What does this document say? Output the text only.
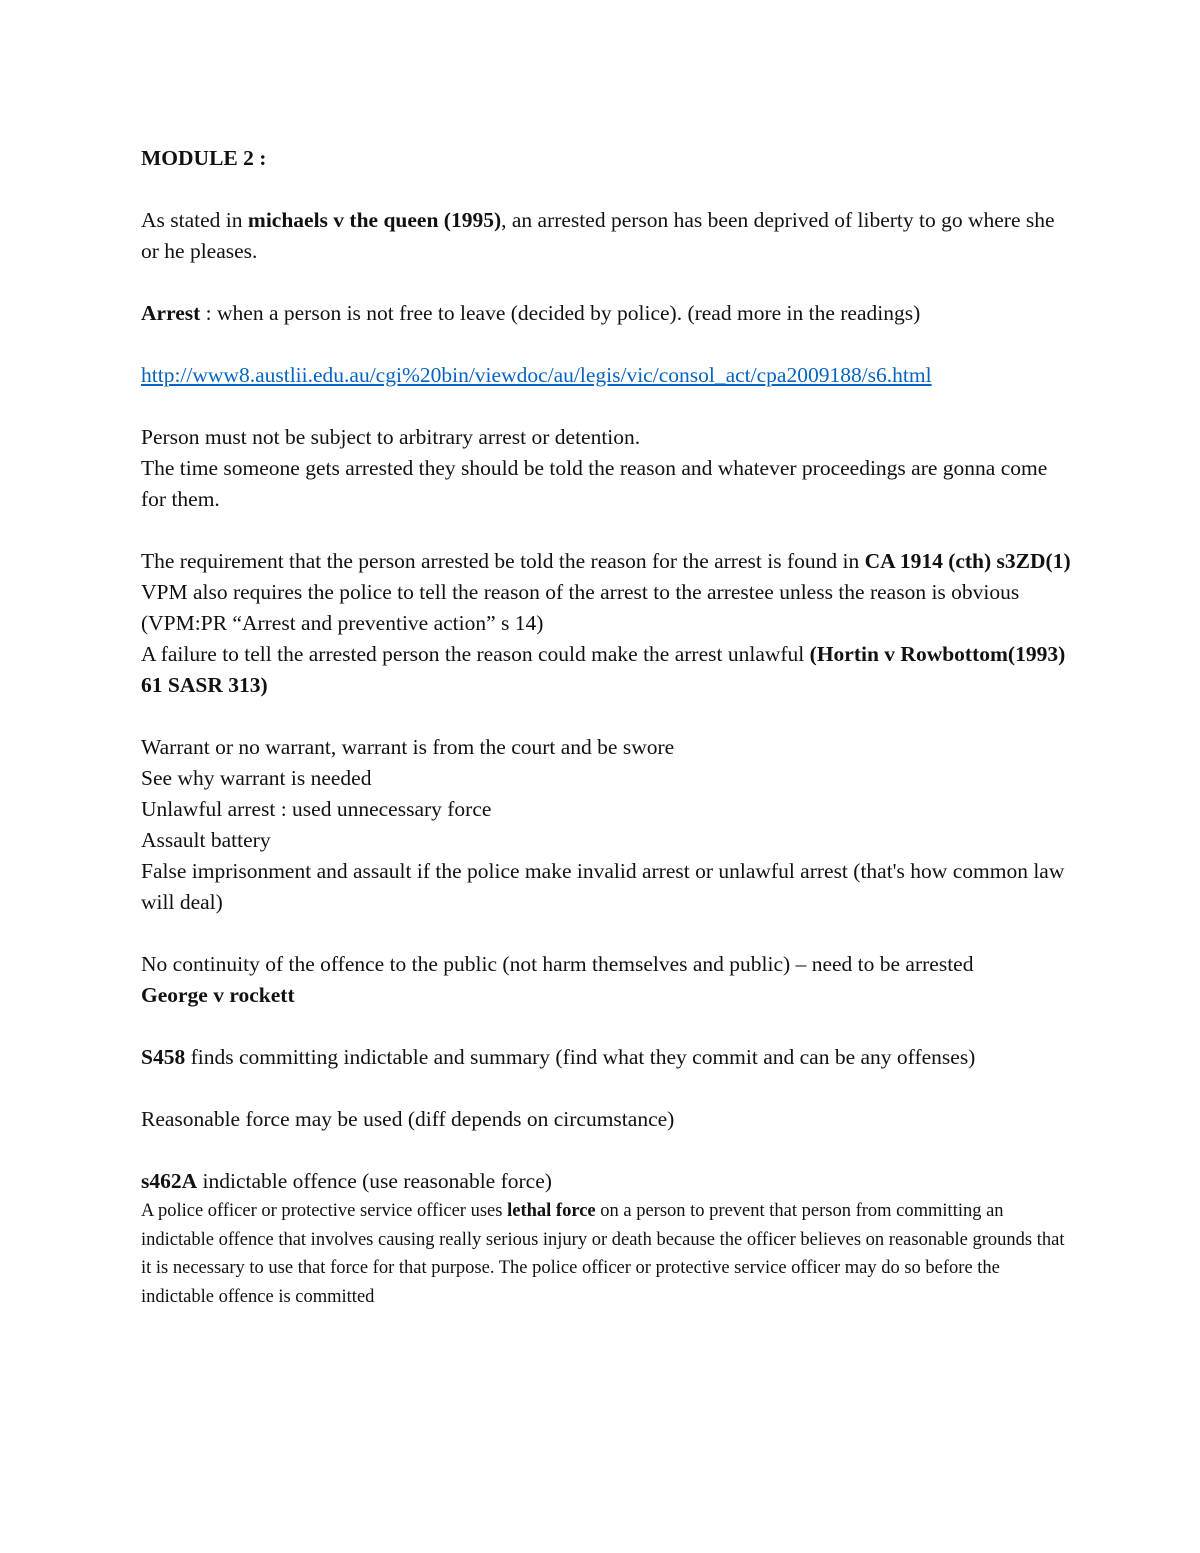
MODULE 2 :

As stated in michaels v the queen (1995), an arrested person has been deprived of liberty to go where she or he pleases.

Arrest : when a person is not free to leave (decided by police). (read more in the readings)

http://www8.austlii.edu.au/cgi%20bin/viewdoc/au/legis/vic/consol_act/cpa2009188/s6.html

Person must not be subject to arbitrary arrest or detention.

The time someone gets arrested they should be told the reason and whatever proceedings are gonna come for them.

The requirement that the person arrested be told the reason for the arrest is found in CA 1914 (cth) s3ZD(1)

VPM also requires the police to tell the reason of the arrest to the arrestee unless the reason is obvious (VPM:PR “Arrest and preventive action” s 14)

A failure to tell the arrested person the reason could make the arrest unlawful (Hortin v Rowbottom(1993) 61 SASR 313)

Warrant or no warrant, warrant is from the court and be swore

See why warrant is needed

Unlawful arrest : used unnecessary force

Assault battery

False imprisonment and assault if the police make invalid arrest or unlawful arrest (that's how common law will deal)

No continuity of the offence to the public (not harm themselves and public) – need to be arrested

George v rockett

S458 finds committing indictable and summary (find what they commit and can be any offenses)

Reasonable force may be used (diff depends on circumstance)

s462A indictable offence (use reasonable force)

A police officer or protective service officer uses lethal force on a person to prevent that person from committing an indictable offence that involves causing really serious injury or death because the officer believes on reasonable grounds that it is necessary to use that force for that purpose. The police officer or protective service officer may do so before the indictable offence is committed
